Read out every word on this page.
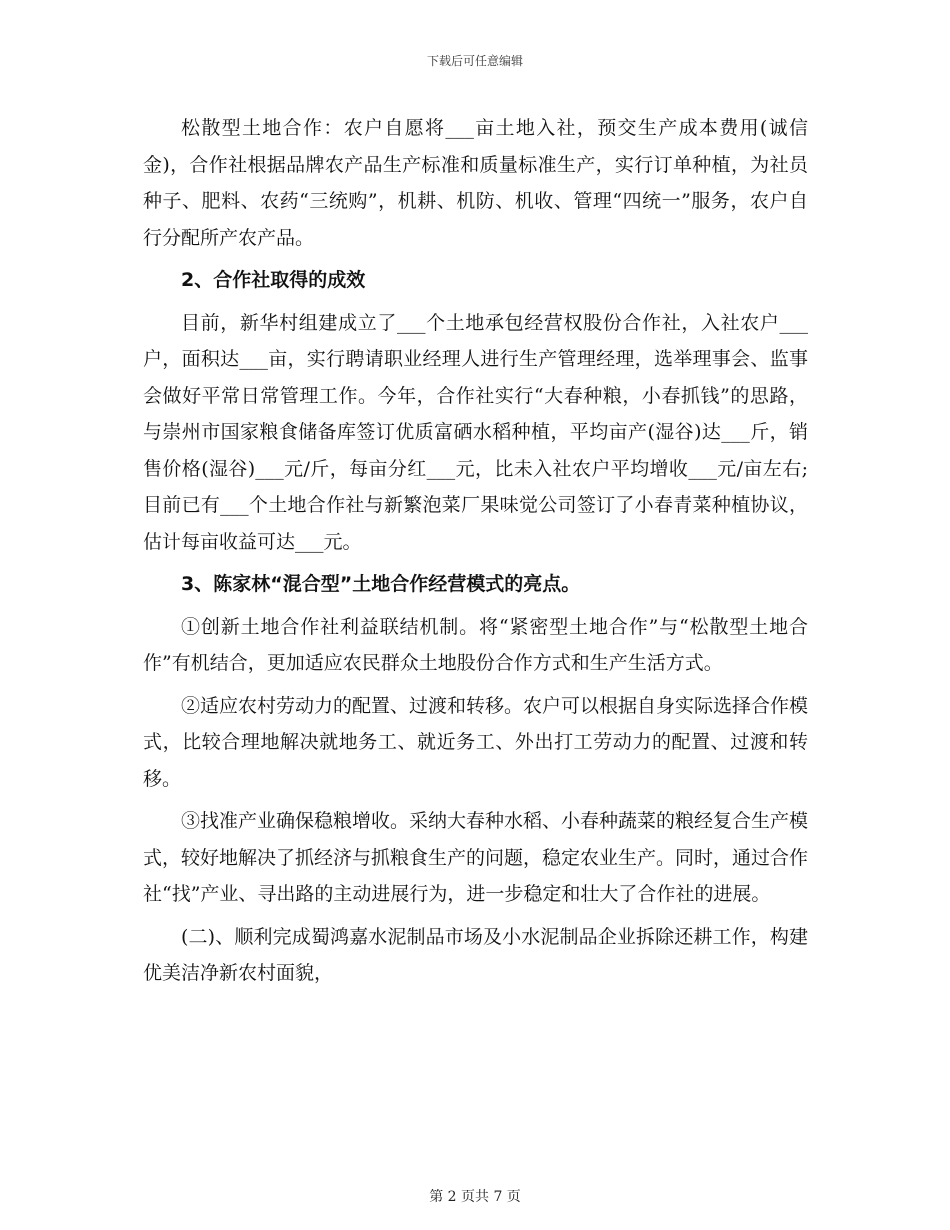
下载后可任意编辑

松散型土地合作：农户自愿将___亩土地入社，预交生产成本费用(诚信金)，合作社根据品牌农产品生产标准和质量标准生产，实行订单种植，为社员种子、肥料、农药“三统购”，机耕、机防、机收、管理“四统一”服务，农户自行分配所产农产品。

2、合作社取得的成效

目前，新华村组建成立了___个土地承包经营权股份合作社，入社农户___户，面积达___亩，实行聘请职业经理人进行生产管理经理，选举理事会、监事会做好平常日常管理工作。今年，合作社实行“大春种粮，小春抓钱”的思路，与崇州市国家粮食储备库签订优质富硒水稻种植，平均亩产(湿谷)达___斤，销售价格(湿谷)___元/斤，每亩分红___元，比未入社农户平均增收___元/亩左右;目前已有___个土地合作社与新繁泡菜厂果味觉公司签订了小春青菜种植协议，估计每亩收益可达___元。

3、陈家林“混合型”土地合作经营模式的亮点。

①创新土地合作社利益联结机制。将“紧密型土地合作”与“松散型土地合作”有机结合，更加适应农民群众土地股份合作方式和生产生活方式。

②适应农村劳动力的配置、过渡和转移。农户可以根据自身实际选择合作模式，比较合理地解决就地务工、就近务工、外出打工劳动力的配置、过渡和转移。

③找准产业确保稳粮增收。采纳大春种水稻、小春种蔬菜的粮经复合生产模式，较好地解决了抓经济与抓粮食生产的问题，稳定农业生产。同时，通过合作社“找”产业、寻出路的主动进展行为，进一步稳定和壮大了合作社的进展。

(二)、顺利完成蜀鸿嘉水泥制品市场及小水泥制品企业拆除还耕工作，构建优美洁净新农村面貌，

第 2 页共 7 页
